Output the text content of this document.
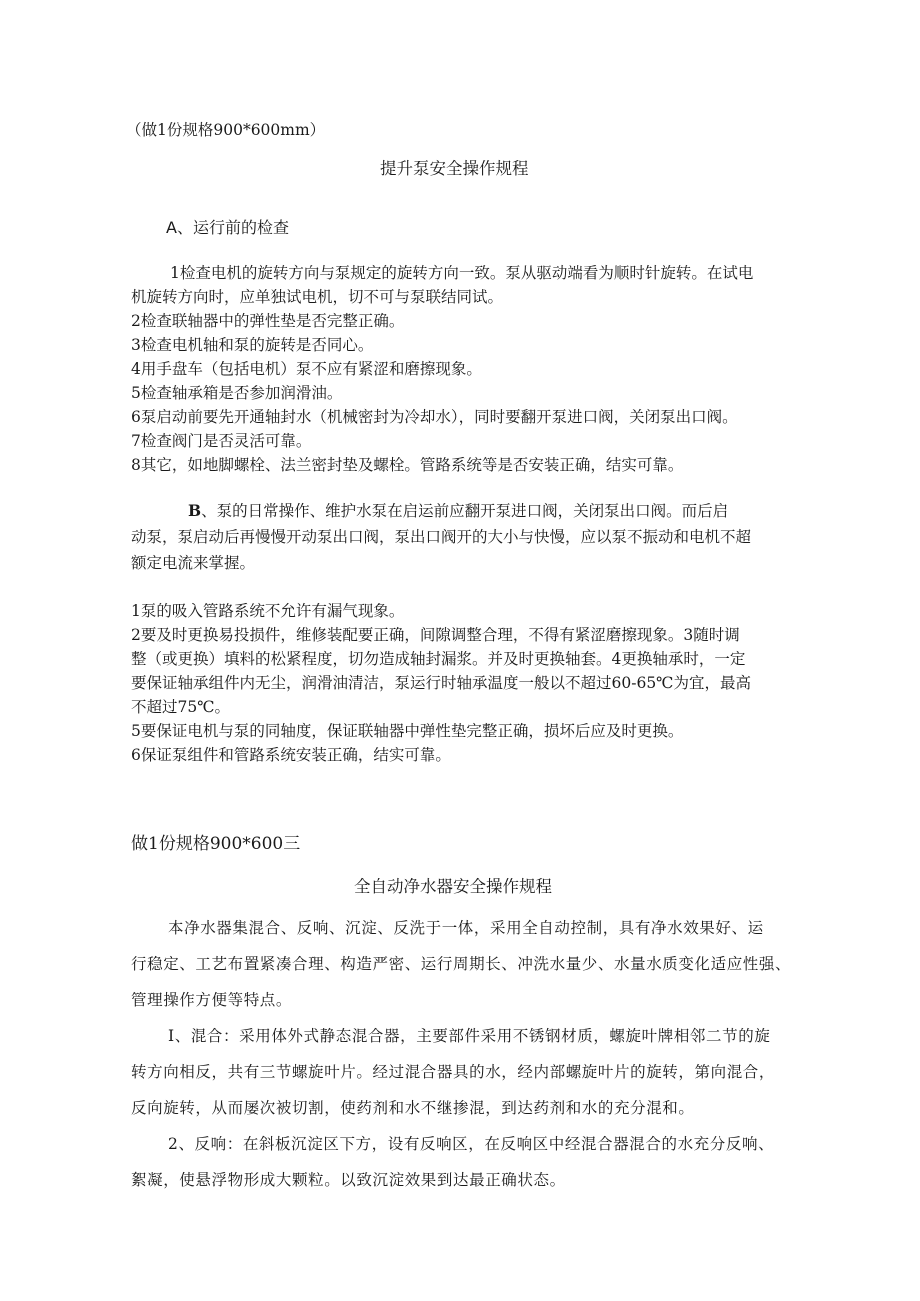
（做1份规格900*600mm）
提升泵安全操作规程
A、运行前的检查
1检查电机的旋转方向与泵规定的旋转方向一致。泵从驱动端看为顺时针旋转。在试电
机旋转方向时，应单独试电机，切不可与泵联结同试。
2检查联轴器中的弹性垫是否完整正确。
3检查电机轴和泵的旋转是否同心。
4用手盘车（包括电机）泵不应有紧涩和磨擦现象。
5检查轴承箱是否参加润滑油。
6泵启动前要先开通轴封水（机械密封为冷却水），同时要翻开泵进口阀，关闭泵出口阀。
7检查阀门是否灵活可靠。
8其它，如地脚螺栓、法兰密封垫及螺栓。管路系统等是否安装正确，结实可靠。
B、泵的日常操作、维护水泵在启运前应翻开泵进口阀，关闭泵出口阀。而后启
动泵，泵启动后再慢慢开动泵出口阀，泵出口阀开的大小与快慢，应以泵不振动和电机不超
额定电流来掌握。
1泵的吸入管路系统不允许有漏气现象。
2要及时更换易投损件，维修装配要正确，间隙调整合理，不得有紧涩磨擦现象。3随时调
整（或更换）填料的松紧程度，切勿造成轴封漏浆。并及时更换轴套。4更换轴承时，一定
要保证轴承组件内无尘，润滑油清洁，泵运行时轴承温度一般以不超过60-65℃为宜，最高
不超过75℃。
5要保证电机与泵的同轴度，保证联轴器中弹性垫完整正确，损坏后应及时更换。
6保证泵组件和管路系统安装正确，结实可靠。
做1份规格900*600三
全自动净水器安全操作规程
本净水器集混合、反响、沉淀、反洗于一体，采用全自动控制，具有净水效果好、运
行稳定、工艺布置紧凑合理、构造严密、运行周期长、冲洗水量少、水量水质变化适应性强、
管理操作方便等特点。
I、混合：采用体外式静态混合器，主要部件采用不锈钢材质，螺旋叶牌相邻二节的旋
转方向相反，共有三节螺旋叶片。经过混合器具的水，经内部螺旋叶片的旋转，第向混合，
反向旋转，从而屡次被切割，使药剂和水不继掺混，到达药剂和水的充分混和。
2、反响：在斜板沉淀区下方，设有反响区，在反响区中经混合器混合的水充分反响、
絮凝，使悬浮物形成大颗粒。以致沉淀效果到达最正确状态。
